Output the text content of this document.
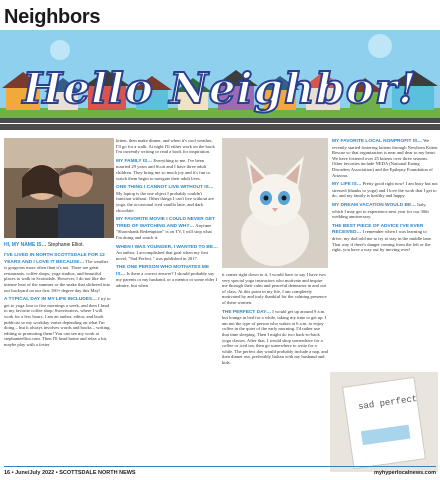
Neighbors
Hello Neighbor!
HI, MY NAME IS… Stephanie Elliot.

I'VE LIVED IN NORTH SCOTTSDALE FOR 12 YEARS AND I LOVE IT BECAUSE… The weather is gorgeous more often than it's not. There are great restaurants, coffee shops, yoga studios, and beautiful places to walk in Scottsdale. However, I do not like the intense heat of the summer or the snake that slithered into our backyard on our first 100+ degree day this May!

A TYPICAL DAY IN MY LIFE INCLUDES… I try to get to yoga four to five mornings a week, and then I head to my favorite coffee shop, Sweetwaters, where I will work for a few hours. I am an author, editor, and book publicist so my workday varies depending on what I'm doing – but it always involves words and books – writing, editing or promoting them! You can see my work at stephanieelliot.com. Then I'll head home and relax a bit, maybe play with a foster

kitten, then make dinner, and when it's cool weather, I'll go for a walk. At night I'll either work on the book I'm currently writing or read a book for inspiration.

MY FAMILY IS… Everything to me. I've been married 29 years and Scott and I have three adult children. They bring me so much joy and it's fun to watch them begin to navigate their adult lives.

ONE THING I CANNOT LIVE WITHOUT IS… My laptop is the one object I probably couldn't function without. Other things I can't live without are yoga, the occasional iced vanilla latte, and dark chocolate.

MY FAVORITE MOVIE I COULD NEVER GET TIRED OF WATCHING AND WHY… Anytime "Shawshank Redemption" is on TV, I will stop what I'm doing and watch it.

WHEN I WAS YOUNGER, I WANTED TO BE… An author. I accomplished that goal when my first novel, "Sad Perfect," was published in 2017.

THE ONE PERSON WHO MOTIVATES ME IS… Is there a correct answer? I should probably say my parents or my husband, or a mentor or some elder I admire, but when

it comes right down to it, I would have to say I have two very special yoga instructors who motivate and inspire me through their calm and peaceful demeanor in and out of class. At this point in my life, I am completely motivated by and truly thankful for the calming presence of these women.

THE PERFECT DAY… I would get up around 9 a.m. but lounge in bed for a while, taking my time to get up. I am not the type of person who wakes at 6 a.m. to enjoy coffee in the quiet of the early morning. I'd rather use that time sleeping. Then I might do two back-to-back yoga classes. After that, I would shop somewhere for a coffee or iced tea, then go somewhere to write for a while. The perfect day would probably include a nap, and then dinner out, preferably Italian with my husband and kids.

MY FAVORITE LOCAL NONPROFIT IS… We recently started fostering kittens through Newborn Kitten Rescue so that organization is near and dear to my heart. We have fostered over 25 kittens over three seasons. Other favorites include NEDA (National Eating Disorders Association) and the Epilepsy Foundation of Arizona.

MY LIFE IS… Pretty good right now! I am busy but not stressed (thanks to yoga) and I love the work that I get to do, and my family is healthy and happy.

MY DREAM VACATION WOULD BE… Italy, which I may get to experience next year for our 30th wedding anniversary.

THE BEST PIECE OF ADVICE I'VE EVER RECEIVED… I remember when I was learning to drive, my dad told me to try to stay in the middle lane. That way if there's danger coming from the left or the right, you have a way out by moving over!

sad perfect
16 • June/July 2022 • SCOTTSDALE NORTH NEWS	myhyperlocalnews.com
